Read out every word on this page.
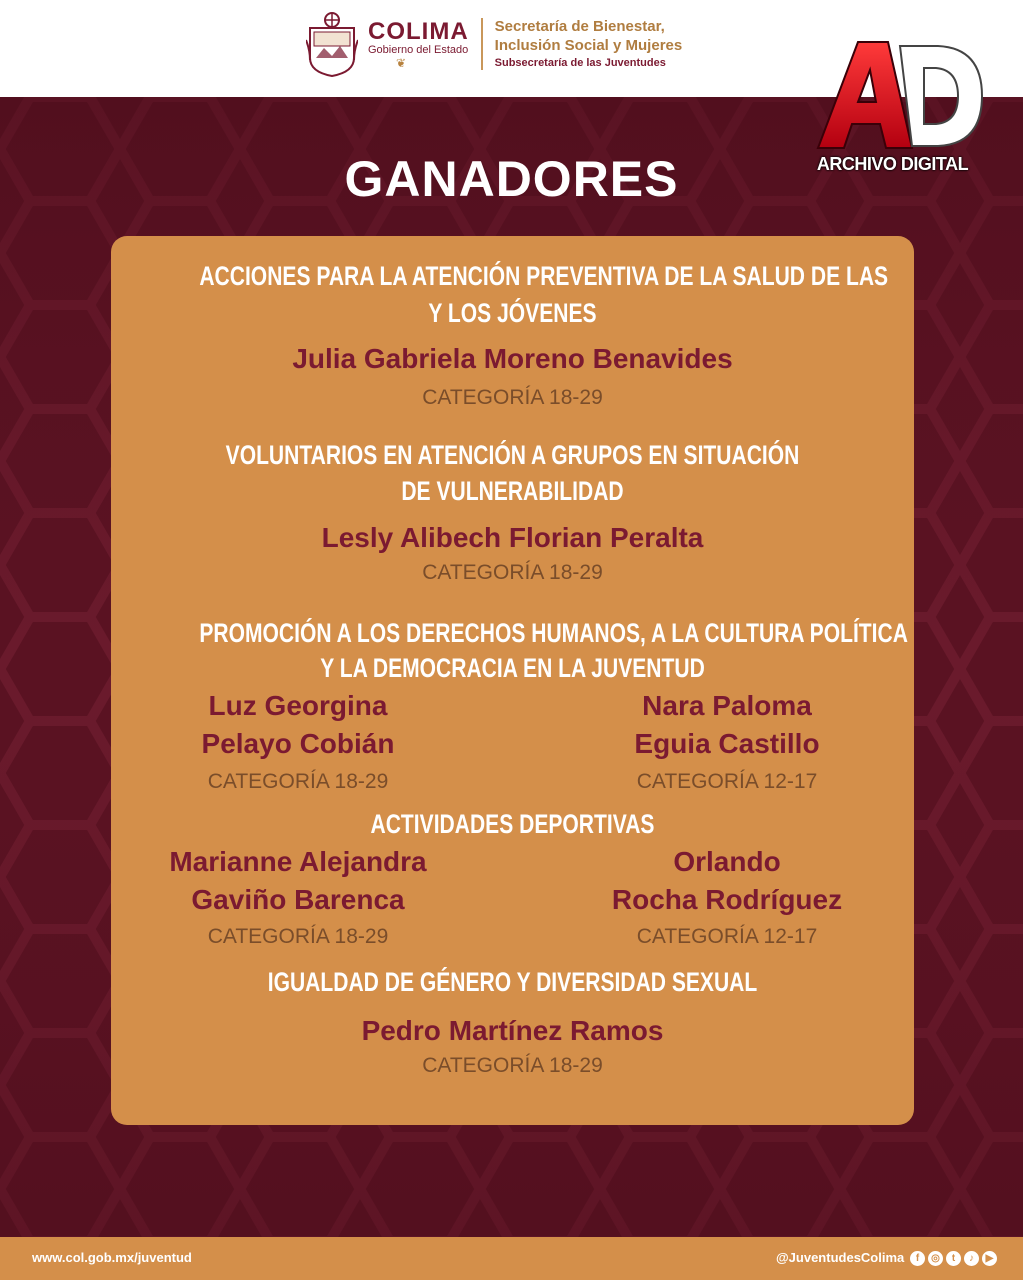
COLIMA
Gobierno del Estado
❦
Secretaría de Bienestar,
Inclusión Social y Mujeres
Subsecretaría de las Juventudes
ARCHIVO DIGITAL
GANADORES
ACCIONES PARA LA ATENCIÓN PREVENTIVA DE LA SALUD DE LAS
Y LOS JÓVENES
Julia Gabriela Moreno Benavides
CATEGORÍA 18-29
VOLUNTARIOS EN ATENCIÓN A GRUPOS EN SITUACIÓN
DE VULNERABILIDAD
Lesly Alibech Florian Peralta
CATEGORÍA 18-29
PROMOCIÓN A LOS DERECHOS HUMANOS, A LA CULTURA POLÍTICA
Y LA DEMOCRACIA EN LA JUVENTUD
Luz Georgina
Pelayo Cobián
CATEGORÍA 18-29
Nara Paloma
Eguia Castillo
CATEGORÍA 12-17
ACTIVIDADES DEPORTIVAS
Marianne Alejandra
Gaviño Barenca
CATEGORÍA 18-29
Orlando
Rocha Rodríguez
CATEGORÍA 12-17
IGUALDAD DE GÉNERO Y DIVERSIDAD SEXUAL
Pedro Martínez Ramos
CATEGORÍA 18-29
www.col.gob.mx/juventud	@JuventudesColima	f	◎	t	♪	▶
